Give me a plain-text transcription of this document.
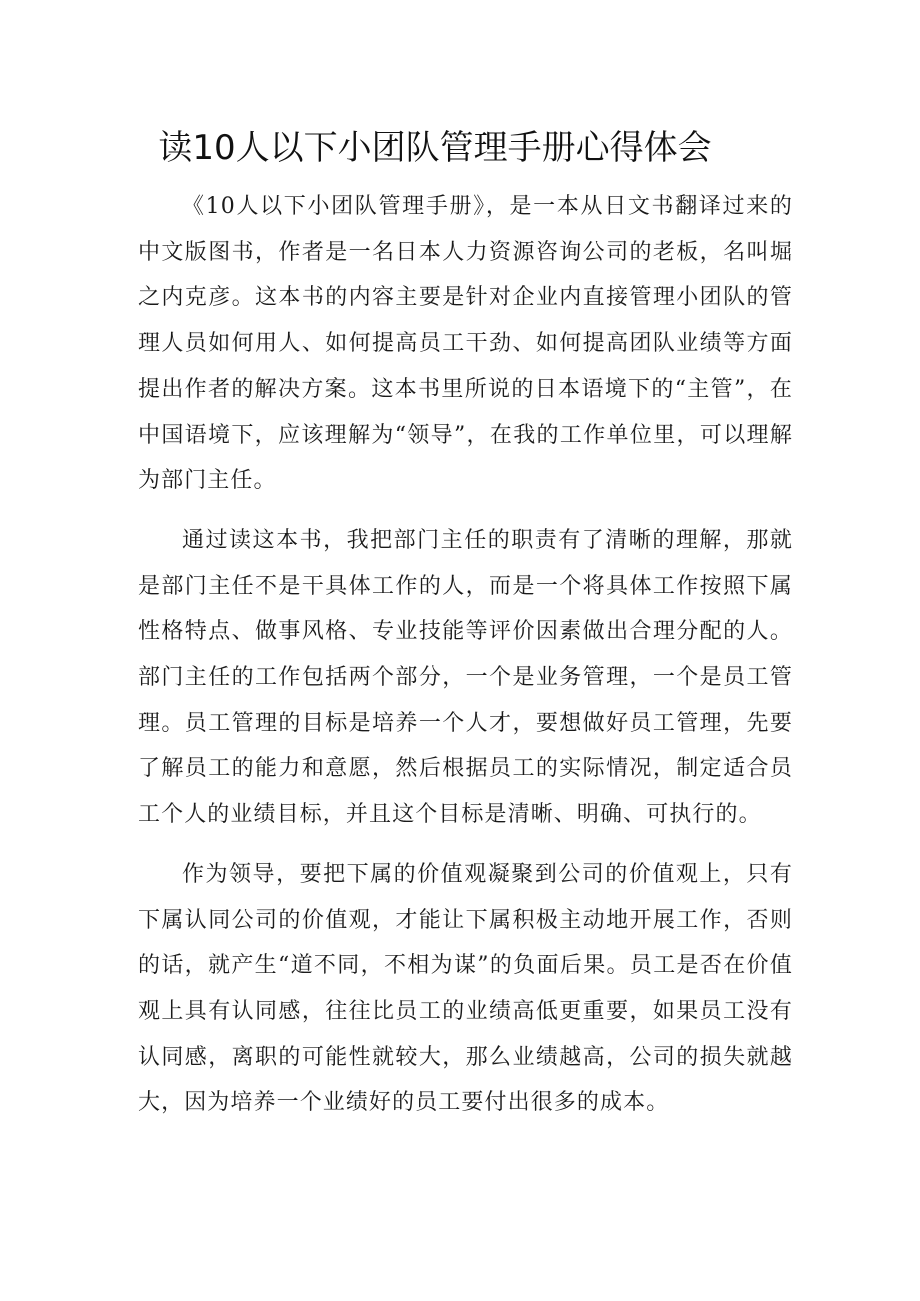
读10人以下小团队管理手册心得体会

《10人以下小团队管理手册》，是一本从日文书翻译过来的中文版图书，作者是一名日本人力资源咨询公司的老板，名叫堀之内克彦。这本书的内容主要是针对企业内直接管理小团队的管理人员如何用人、如何提高员工干劲、如何提高团队业绩等方面提出作者的解决方案。这本书里所说的日本语境下的“主管”，在中国语境下，应该理解为“领导”，在我的工作单位里，可以理解为部门主任。

通过读这本书，我把部门主任的职责有了清晰的理解，那就是部门主任不是干具体工作的人，而是一个将具体工作按照下属性格特点、做事风格、专业技能等评价因素做出合理分配的人。部门主任的工作包括两个部分，一个是业务管理，一个是员工管理。员工管理的目标是培养一个人才，要想做好员工管理，先要了解员工的能力和意愿，然后根据员工的实际情况，制定适合员工个人的业绩目标，并且这个目标是清晰、明确、可执行的。

作为领导，要把下属的价值观凝聚到公司的价值观上，只有下属认同公司的价值观，才能让下属积极主动地开展工作，否则的话，就产生“道不同，不相为谋”的负面后果。员工是否在价值观上具有认同感，往往比员工的业绩高低更重要，如果员工没有认同感，离职的可能性就较大，那么业绩越高，公司的损失就越大，因为培养一个业绩好的员工要付出很多的成本。
